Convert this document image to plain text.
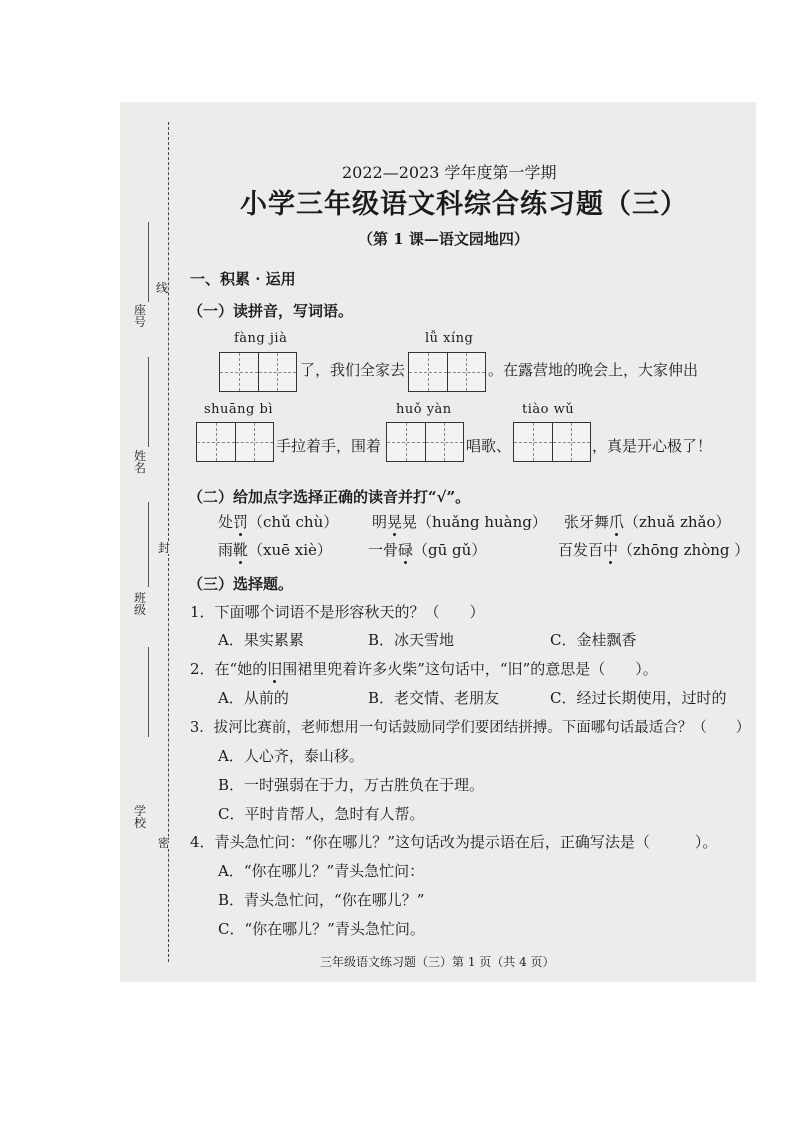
线
封
密
座号
姓名
班级
学校
2022—2023 学年度第一学期
小学三年级语文科综合练习题（三）
（第 1 课—语文园地四）
一、积累 · 运用
（一）读拼音，写词语。
fàng jià
了，我们全家去
lǚ xíng
。在露营地的晚会上，大家伸出
shuāng bì
手拉着手，围着
huǒ yàn
唱歌、
tiào wǔ
，真是开心极了！
（二）给加点字选择正确的读音并打“√”。
处罚（chǔ chù） 明晃晃（huǎng huàng） 张牙舞爪（zhuǎ zhǎo）
雨靴（xuē xiè） 一骨碌（gū gǔ）	百发百中（zhōng zhòng ）
（三）选择题。
1．下面哪个词语不是形容秋天的？（　　）
A．果实累累	B．冰天雪地	C．金桂飘香
2．在“她的旧围裙里兜着许多火柴”这句话中，“旧”的意思是（　　）。
A．从前的	B．老交情、老朋友	C．经过长期使用，过时的
3．拔河比赛前，老师想用一句话鼓励同学们要团结拼搏。下面哪句话最适合？（　　）
A．人心齐，泰山移。
B．一时强弱在于力，万古胜负在于理。
C．平时肯帮人，急时有人帮。
4．青头急忙问：“你在哪儿？”这句话改为提示语在后，正确写法是（　　　）。
A．“你在哪儿？”青头急忙问：
B．青头急忙问，“你在哪儿？”
C．“你在哪儿？”青头急忙问。
三年级语文练习题（三）第 1 页（共 4 页）
